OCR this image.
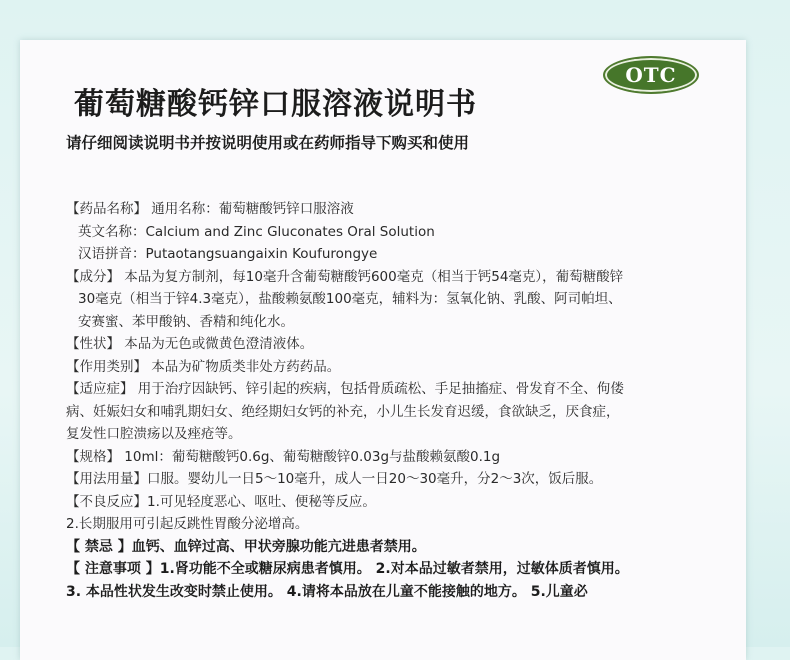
葡萄糖酸钙锌口服溶液说明书
OTC

请仔细阅读说明书并按说明使用或在药师指导下购买和使用

【药品名称】 通用名称：葡萄糖酸钙锌口服溶液
英文名称：Calcium and Zinc Gluconates Oral Solution
汉语拼音：Putaotangsuangaixin Koufurongye
【成分】 本品为复方制剂，每10毫升含葡萄糖酸钙600毫克（相当于钙54毫克），葡萄糖酸锌
30毫克（相当于锌4.3毫克），盐酸赖氨酸100毫克，辅料为：氢氧化钠、乳酸、阿司帕坦、
安赛蜜、苯甲酸钠、香精和纯化水。
【性状】 本品为无色或微黄色澄清液体。
【作用类别】 本品为矿物质类非处方药药品。
【适应症】 用于治疗因缺钙、锌引起的疾病，包括骨质疏松、手足抽搐症、骨发育不全、佝偻
病、妊娠妇女和哺乳期妇女、绝经期妇女钙的补充，小儿生长发育迟缓，食欲缺乏，厌食症，
复发性口腔溃疡以及痤疮等。
【规格】 10ml：葡萄糖酸钙0.6g、葡萄糖酸锌0.03g与盐酸赖氨酸0.1g
【用法用量】口服。婴幼儿一日5～10毫升，成人一日20～30毫升，分2～3次，饭后服。
【不良反应】1.可见轻度恶心、呕吐、便秘等反应。
2.长期服用可引起反跳性胃酸分泌增高。
【 禁忌 】血钙、血锌过高、甲状旁腺功能亢进患者禁用。
【 注意事项 】1.肾功能不全或糖尿病患者慎用。 2.对本品过敏者禁用，过敏体质者慎用。
3. 本品性状发生改变时禁止使用。 4.请将本品放在儿童不能接触的地方。 5.儿童必
